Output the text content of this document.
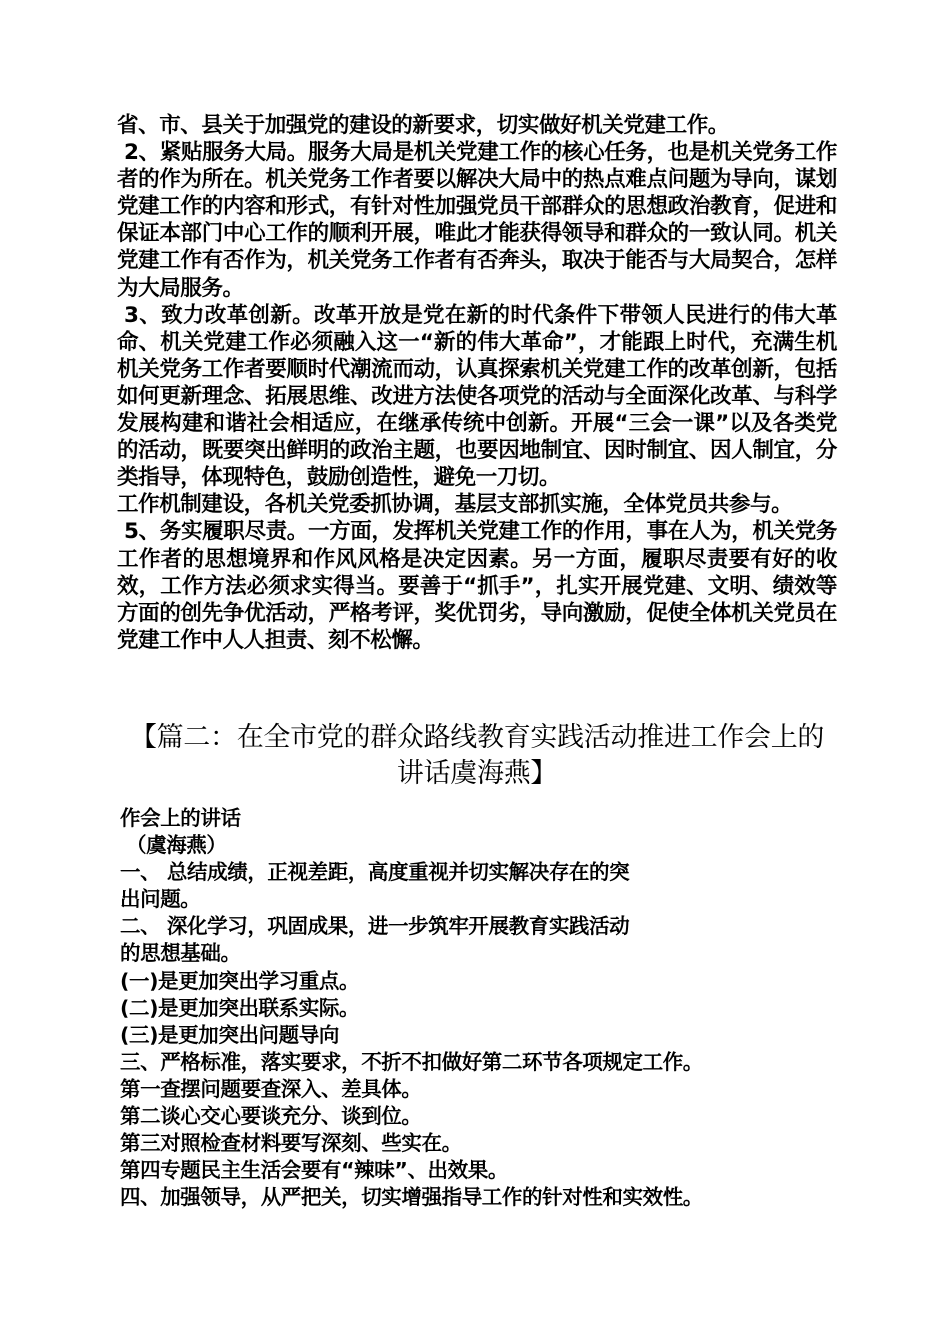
省、市、县关于加强党的建设的新要求，切实做好机关党建工作。

2、紧贴服务大局。服务大局是机关党建工作的核心任务，也是机关党务工作者的作为所在。机关党务工作者要以解决大局中的热点难点问题为导向，谋划党建工作的内容和形式，有针对性加强党员干部群众的思想政治教育，促进和保证本部门中心工作的顺利开展，唯此才能获得领导和群众的一致认同。机关党建工作有否作为，机关党务工作者有否奔头，取决于能否与大局契合，怎样为大局服务。

3、致力改革创新。改革开放是党在新的时代条件下带领人民进行的伟大革命、机关党建工作必须融入这一“新的伟大革命”，才能跟上时代，充满生机机关党务工作者要顺时代潮流而动，认真探索机关党建工作的改革创新，包括如何更新理念、拓展思维、改进方法使各项党的活动与全面深化改革、与科学发展构建和谐社会相适应，在继承传统中创新。开展“三会一课”以及各类党的活动，既要突出鲜明的政治主题，也要因地制宜、因时制宜、因人制宜，分类指导，体现特色，鼓励创造性，避免一刀切。

工作机制建设，各机关党委抓协调，基层支部抓实施，全体党员共参与。

5、务实履职尽责。一方面，发挥机关党建工作的作用，事在人为，机关党务工作者的思想境界和作风风格是决定因素。另一方面，履职尽责要有好的收效，工作方法必须求实得当。要善于“抓手”，扎实开展党建、文明、绩效等方面的创先争优活动，严格考评，奖优罚劣，导向激励，促使全体机关党员在党建工作中人人担责、刻不松懈。

【篇二：在全市党的群众路线教育实践活动推进工作会上的讲话虞海燕】

作会上的讲话

（虞海燕）

一、 总结成绩，正视差距，高度重视并切实解决存在的突

出问题。

二、 深化学习，巩固成果，进一步筑牢开展教育实践活动

的思想基础。

(一)是更加突出学习重点。

(二)是更加突出联系实际。

(三)是更加突出问题导向

三、严格标准，落实要求，不折不扣做好第二环节各项规定工作。

第一查摆问题要查深入、差具体。

第二谈心交心要谈充分、谈到位。

第三对照检查材料要写深刻、些实在。

第四专题民主生活会要有“辣味”、出效果。

四、加强领导，从严把关，切实增强指导工作的针对性和实效性。
